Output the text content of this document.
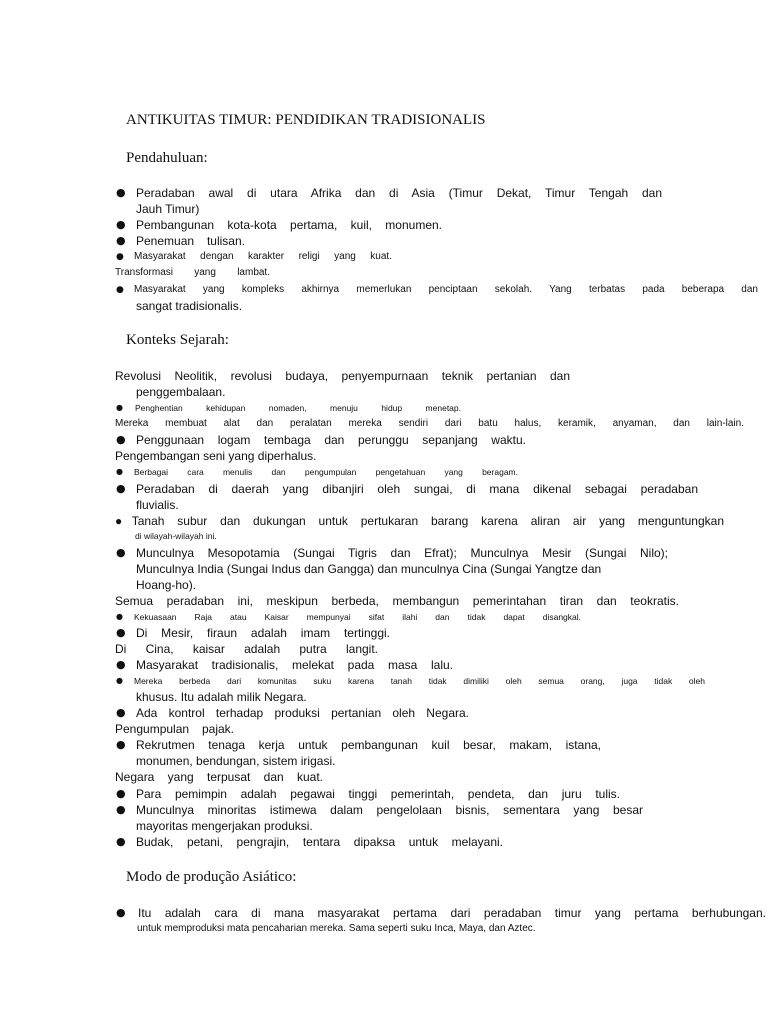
ANTIKUITAS TIMUR: PENDIDIKAN TRADISIONALIS
Pendahuluan:
● Peradaban awal di utara Afrika dan di Asia (Timur Dekat, Timur Tengah dan
Jauh Timur)
● Pembangunan kota-kota pertama, kuil, monumen.
● Penemuan tulisan.
● Masyarakat dengan karakter religi yang kuat.
Transformasi yang lambat.
● Masyarakat yang kompleks akhirnya memerlukan penciptaan sekolah. Yang terbatas pada beberapa dan
sangat tradisionalis.
Konteks Sejarah:
Revolusi Neolitik, revolusi budaya, penyempurnaan teknik pertanian dan
penggembalaan.
● Penghentian kehidupan nomaden, menuju hidup menetap.
Mereka membuat alat dan peralatan mereka sendiri dari batu halus, keramik, anyaman, dan lain-lain.
● Penggunaan logam tembaga dan perunggu sepanjang waktu.
Pengembangan seni yang diperhalus.
● Berbagai cara menulis dan pengumpulan pengetahuan yang beragam.
● Peradaban di daerah yang dibanjiri oleh sungai, di mana dikenal sebagai peradaban
fluvialis.
●Tanah subur dan dukungan untuk pertukaran barang karena aliran air yang menguntungkan
di wilayah-wilayah ini.
● Munculnya Mesopotamia (Sungai Tigris dan Efrat); Munculnya Mesir (Sungai Nilo);
Munculnya India (Sungai Indus dan Gangga) dan munculnya Cina (Sungai Yangtze dan
Hoang-ho).
Semua peradaban ini, meskipun berbeda, membangun pemerintahan tiran dan teokratis.
● Kekuasaan Raja atau Kaisar mempunyai sifat ilahi dan tidak dapat disangkal.
● Di Mesir, firaun adalah imam tertinggi.
Di Cina, kaisar adalah putra langit.
● Masyarakat tradisionalis, melekat pada masa lalu.
● Mereka berbeda dari komunitas suku karena tanah tidak dimiliki oleh semua orang, juga tidak oleh
khusus. Itu adalah milik Negara.
● Ada kontrol terhadap produksi pertanian oleh Negara.
Pengumpulan pajak.
● Rekrutmen tenaga kerja untuk pembangunan kuil besar, makam, istana,
monumen, bendungan, sistem irigasi.
Negara yang terpusat dan kuat.
● Para pemimpin adalah pegawai tinggi pemerintah, pendeta, dan juru tulis.
● Munculnya minoritas istimewa dalam pengelolaan bisnis, sementara yang besar
mayoritas mengerjakan produksi.
● Budak, petani, pengrajin, tentara dipaksa untuk melayani.
Modo de produção Asiático:
● Itu adalah cara di mana masyarakat pertama dari peradaban timur yang pertama berhubungan.
untuk memproduksi mata pencaharian mereka. Sama seperti suku Inca, Maya, dan Aztec.
